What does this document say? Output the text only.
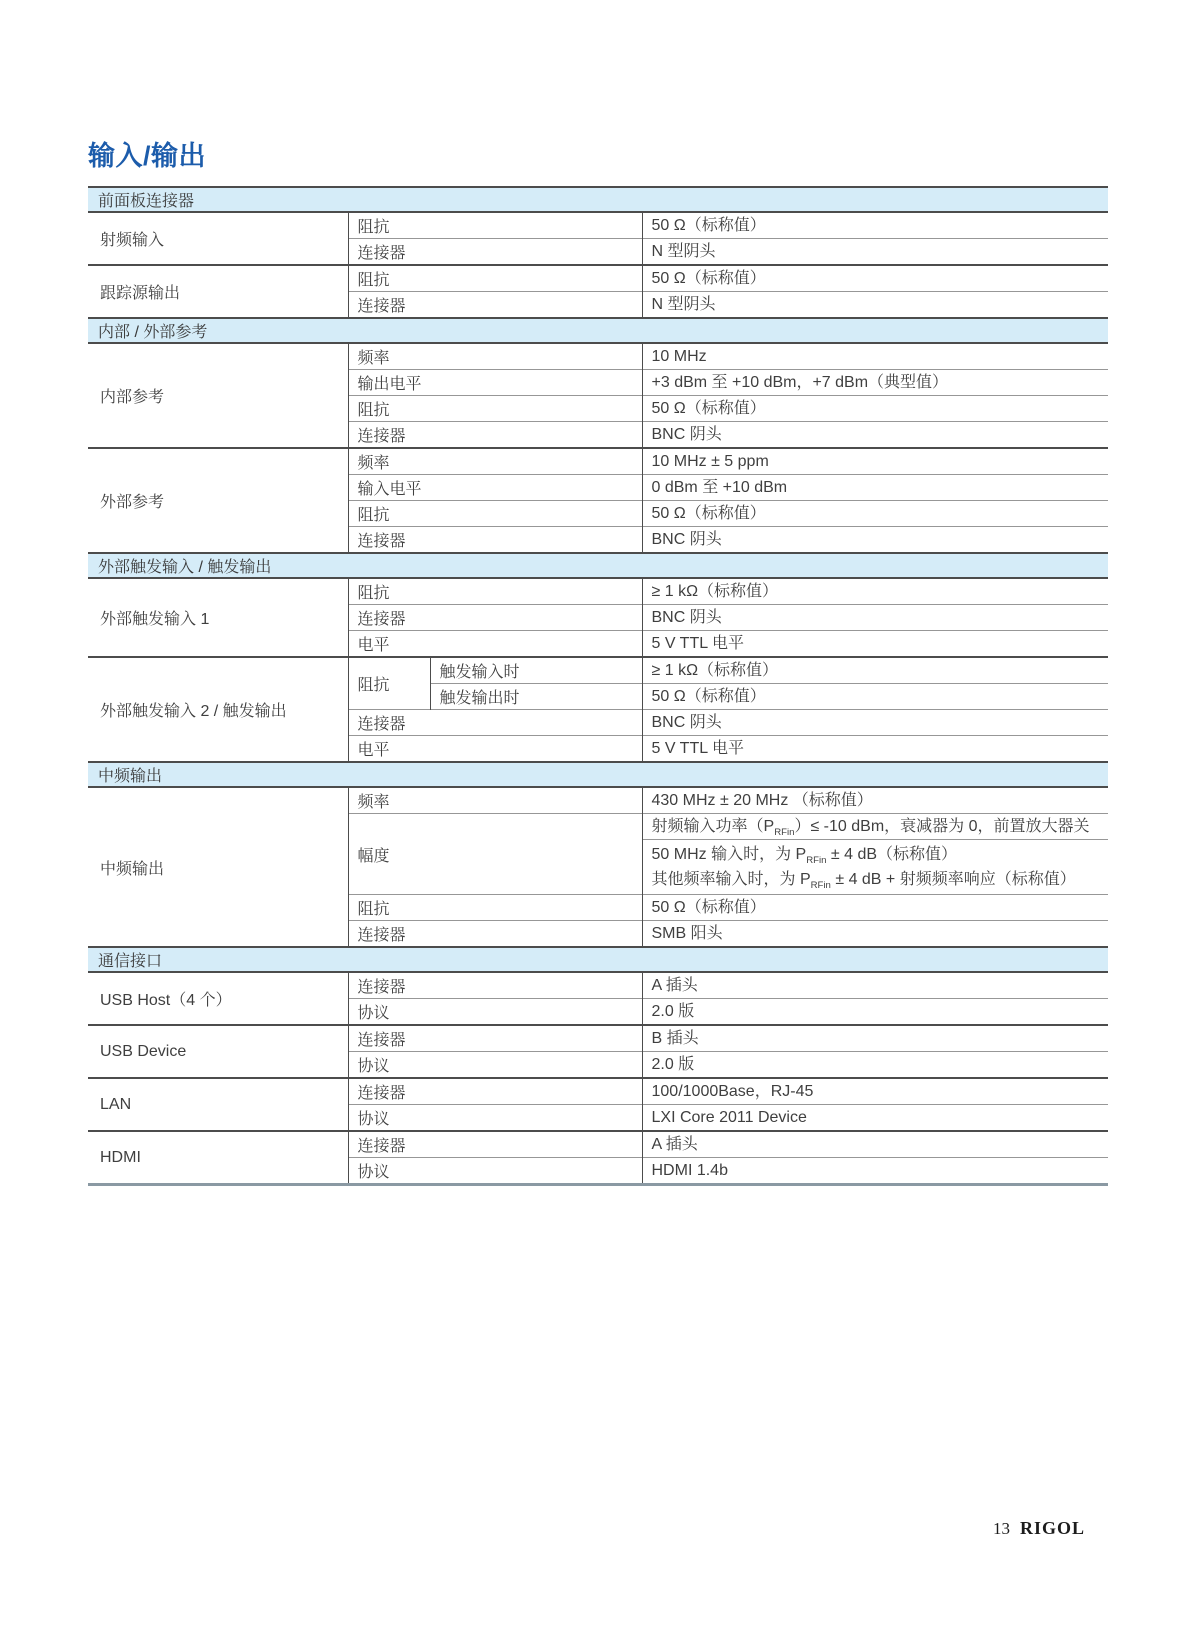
输入/输出
前面板连接器			
射频输入	阻抗		50 Ω（标称值）

	连接器		N 型阴头

跟踪源输出	阻抗		50 Ω（标称值）

	连接器		N 型阴头

内部 / 外部参考			
内部参考	频率		10 MHz

	输出电平		+3 dBm 至 +10 dBm，+7 dBm（典型值）

	阻抗		50 Ω（标称值）

	连接器		BNC 阴头

外部参考	频率		10 MHz ± 5 ppm

	输入电平		0 dBm 至 +10 dBm

	阻抗		50 Ω（标称值）

	连接器		BNC 阴头

外部触发输入 / 触发输出			
外部触发输入 1	阻抗		≥ 1 kΩ（标称值）

	连接器		BNC 阴头

	电平		5 V TTL 电平

外部触发输入 2 / 触发输出	阻抗	触发输入时	≥ 1 kΩ（标称值）

		触发输出时	50 Ω（标称值）

	连接器		BNC 阴头

	电平		5 V TTL 电平

中频输出			
中频输出	频率		430 MHz ± 20 MHz （标称值）

	幅度		射频输入功率$(P_{RFin})\le -10$ dBm，衰减器为 0，前置放大器关

			50 MHz 输入时，为 $P_{RFin} \pm 4$ dB（标称值）
其他频率输入时，为 $P_{RFin} \pm 4$ dB + 射频频率响应（标称值）

	阻抗		50 Ω（标称值）

	连接器		SMB 阳头

通信接口			
USB Host（4 个）	连接器		A 插头

	协议		2.0 版

USB Device	连接器		B 插头

	协议		2.0 版

LAN	连接器		100/1000Base，RJ-45

	协议		LXI Core 2011 Device

HDMI	连接器		A 插头

	协议		HDMI 1.4b
13 RIGOL
